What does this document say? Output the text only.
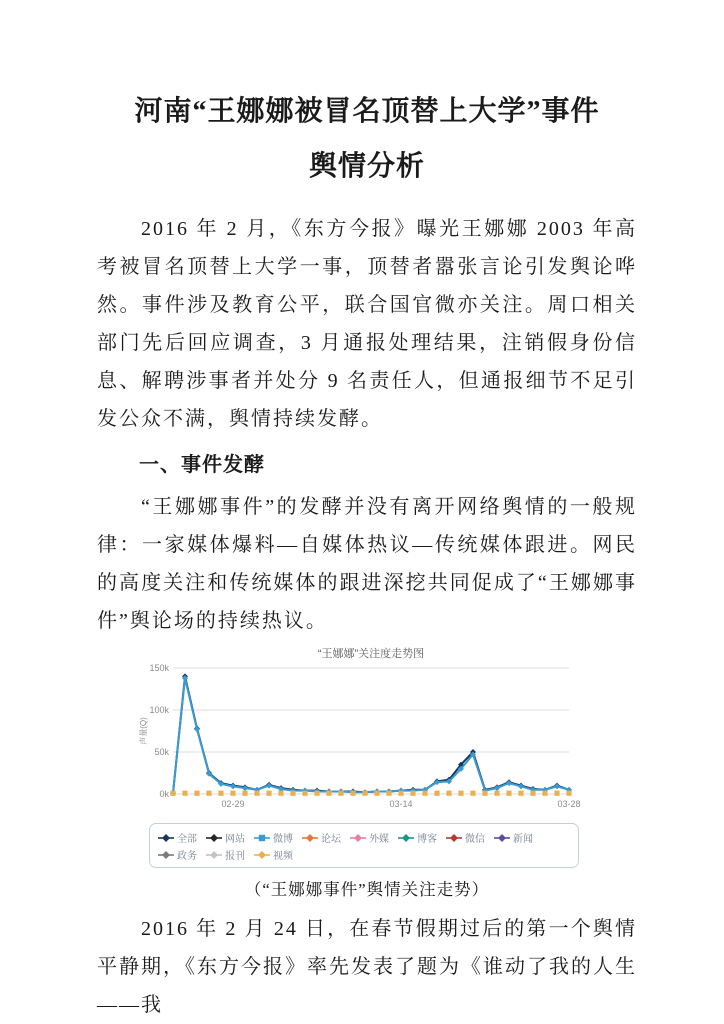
河南“王娜娜被冒名顶替上大学”事件
舆情分析

2016 年 2 月，《东方今报》曝光王娜娜 2003 年高考被冒名顶替上大学一事，顶替者嚣张言论引发舆论哗然。事件涉及教育公平，联合国官微亦关注。周口相关部门先后回应调查，3 月通报处理结果，注销假身份信息、解聘涉事者并处分 9 名责任人，但通报细节不足引发公众不满，舆情持续发酵。

一、事件发酵

“王娜娜事件”的发酵并没有离开网络舆情的一般规律：一家媒体爆料—自媒体热议—传统媒体跟进。网民的高度关注和传统媒体的跟进深挖共同促成了“王娜娜事件”舆论场的持续热议。

“王娜娜”关注度走势图
声量(Q)
0k
50k
100k
150k
02-29	03-14	03-28
全部	网站	微博	论坛	外媒	博客	微信	新闻
政务	报刊	视频
（“王娜娜事件”舆情关注走势）

2016 年 2 月 24 日，在春节假期过后的第一个舆情平静期，《东方今报》率先发表了题为《谁动了我的人生——我
